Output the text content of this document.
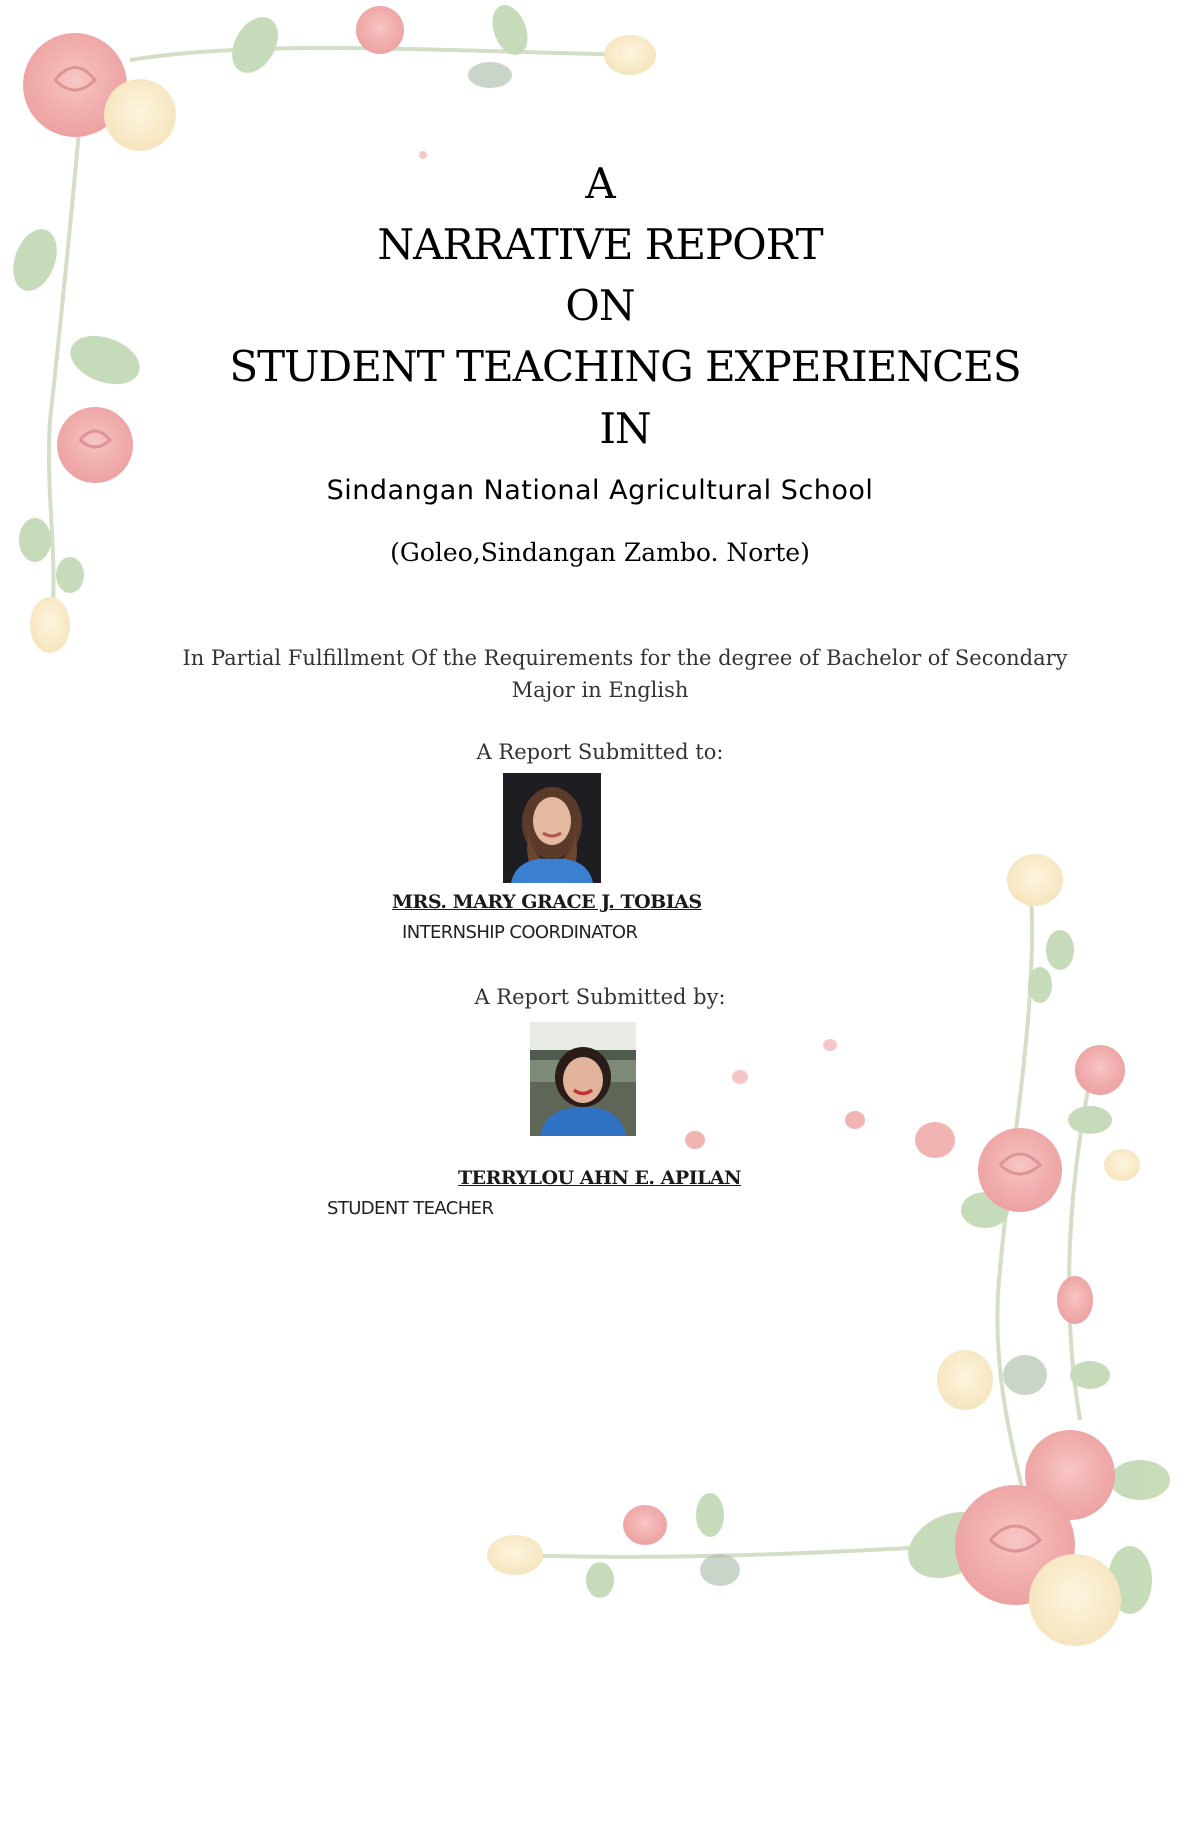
A
NARRATIVE REPORT
ON
STUDENT TEACHING EXPERIENCES
IN
Sindangan National Agricultural School
(Goleo,Sindangan Zambo. Norte)
In Partial Fulfillment Of the Requirements for the degree of Bachelor of Secondary
Major in English
A Report Submitted to:
MRS. MARY GRACE J. TOBIAS
INTERNSHIP COORDINATOR
A Report Submitted by:
TERRYLOU AHN E. APILAN
STUDENT TEACHER
